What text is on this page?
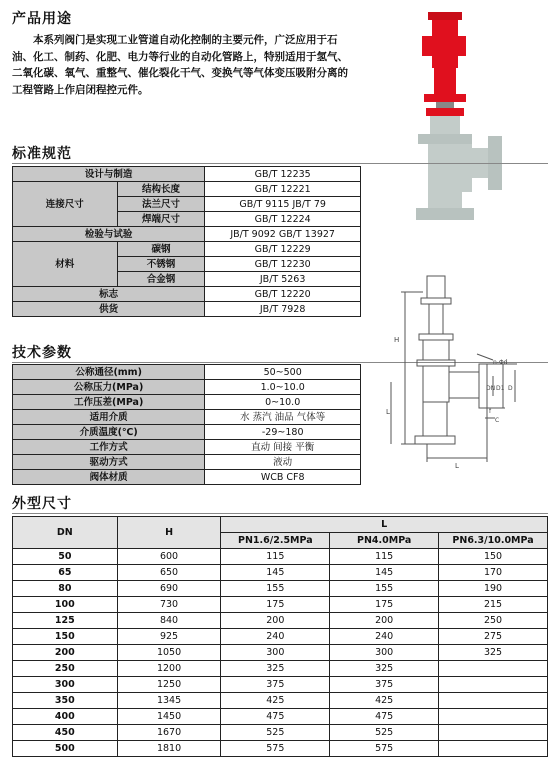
产品用途
本系列阀门是实现工业管道自动化控制的主要元件，广泛应用于石油、化工、制药、化肥、电力等行业的自动化管路上，特别适用于氢气、二氧化碳、氧气、重整气、催化裂化干气、变换气等气体变压吸附分离的工程管路上作启闭程控元件。
标准规范
设计与制造		GB/T 12235
连接尺寸	结构长度	GB/T 12221
	法兰尺寸	GB/T 9115 JB/T 79
	焊端尺寸	GB/T 12224
检验与试验		JB/T 9092 GB/T 13927
材料	碳钢	GB/T 12229
	不锈钢	GB/T 12230
	合金钢	JB/T 5263
标志		GB/T 12220
供货		JB/T 7928
技术参数
公称通径(mm)	50~500
公称压力(MPa)	1.0~10.0
工作压差(MPa)	0~10.0
适用介质	水 蒸汽 油品 气体等
介质温度(℃)	-29~180
工作方式	直动 间接 平衡
驱动方式	液动
阀体材质	WCB CF8
H
L
n-Φd
DN D1 D
C
f
L
外型尺寸
DN	H	L		
		PN1.6/2.5MPa	PN4.0MPa	PN6.3/10.0MPa
50	600	115	115	150
65	650	145	145	170
80	690	155	155	190
100	730	175	175	215
125	840	200	200	250
150	925	240	240	275
200	1050	300	300	325
250	1200	325	325	
300	1250	375	375	
350	1345	425	425	
400	1450	475	475	
450	1670	525	525	
500	1810	575	575	
